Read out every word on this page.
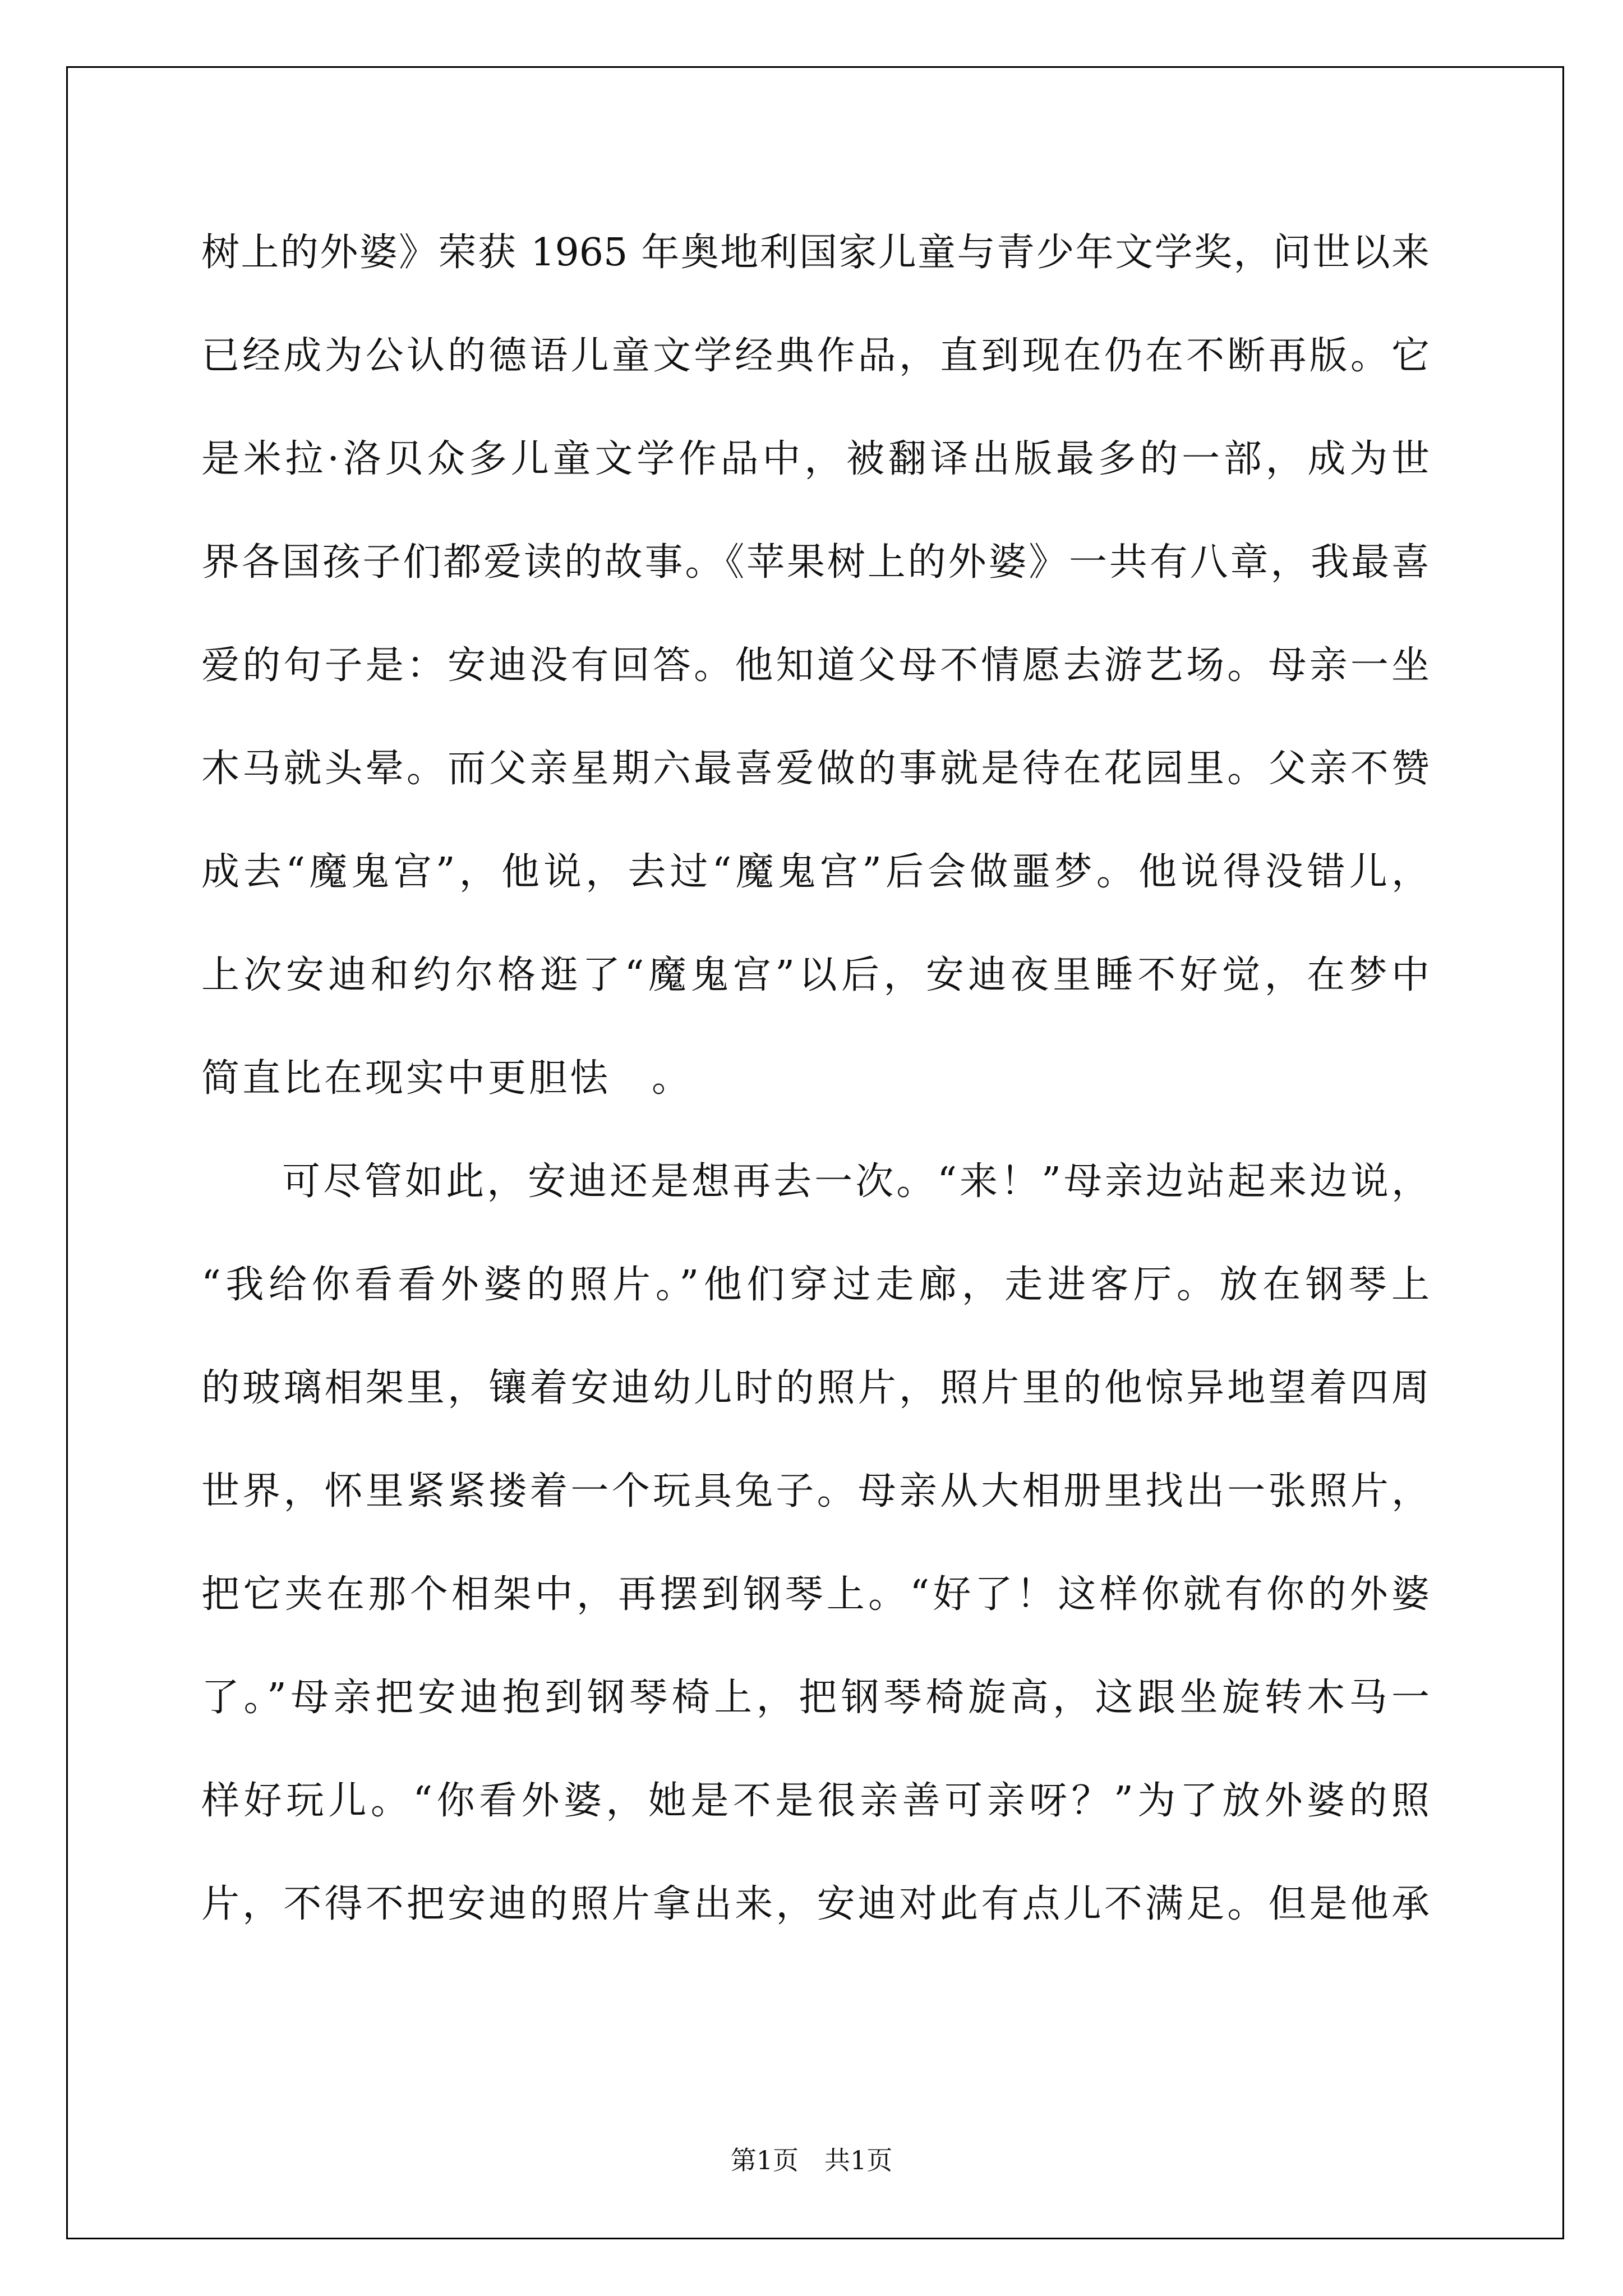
树上的外婆》荣获 1965 年奥地利国家儿童与青少年文学奖，问世以来
已经成为公认的德语儿童文学经典作品，直到现在仍在不断再版。它
是米拉·洛贝众多儿童文学作品中，被翻译出版最多的一部，成为世
界各国孩子们都爱读的故事。《苹果树上的外婆》一共有八章，我最喜
爱的句子是：安迪没有回答。他知道父母不情愿去游艺场。母亲一坐
木马就头晕。而父亲星期六最喜爱做的事就是待在花园里。父亲不赞
成去“魔鬼宫”，他说，去过“魔鬼宫”后会做噩梦。他说得没错儿，
上次安迪和约尔格逛了“魔鬼宫”以后，安迪夜里睡不好觉，在梦中
简直比在现实中更胆怯　。
可尽管如此，安迪还是想再去一次。“来！”母亲边站起来边说，
“我给你看看外婆的照片。”他们穿过走廊，走进客厅。放在钢琴上
的玻璃相架里，镶着安迪幼儿时的照片，照片里的他惊异地望着四周
世界，怀里紧紧搂着一个玩具兔子。母亲从大相册里找出一张照片，
把它夹在那个相架中，再摆到钢琴上。“好了！这样你就有你的外婆
了。”母亲把安迪抱到钢琴椅上，把钢琴椅旋高，这跟坐旋转木马一
样好玩儿。“你看外婆，她是不是很亲善可亲呀？”为了放外婆的照
片，不得不把安迪的照片拿出来，安迪对此有点儿不满足。但是他承
第1页　共1页
